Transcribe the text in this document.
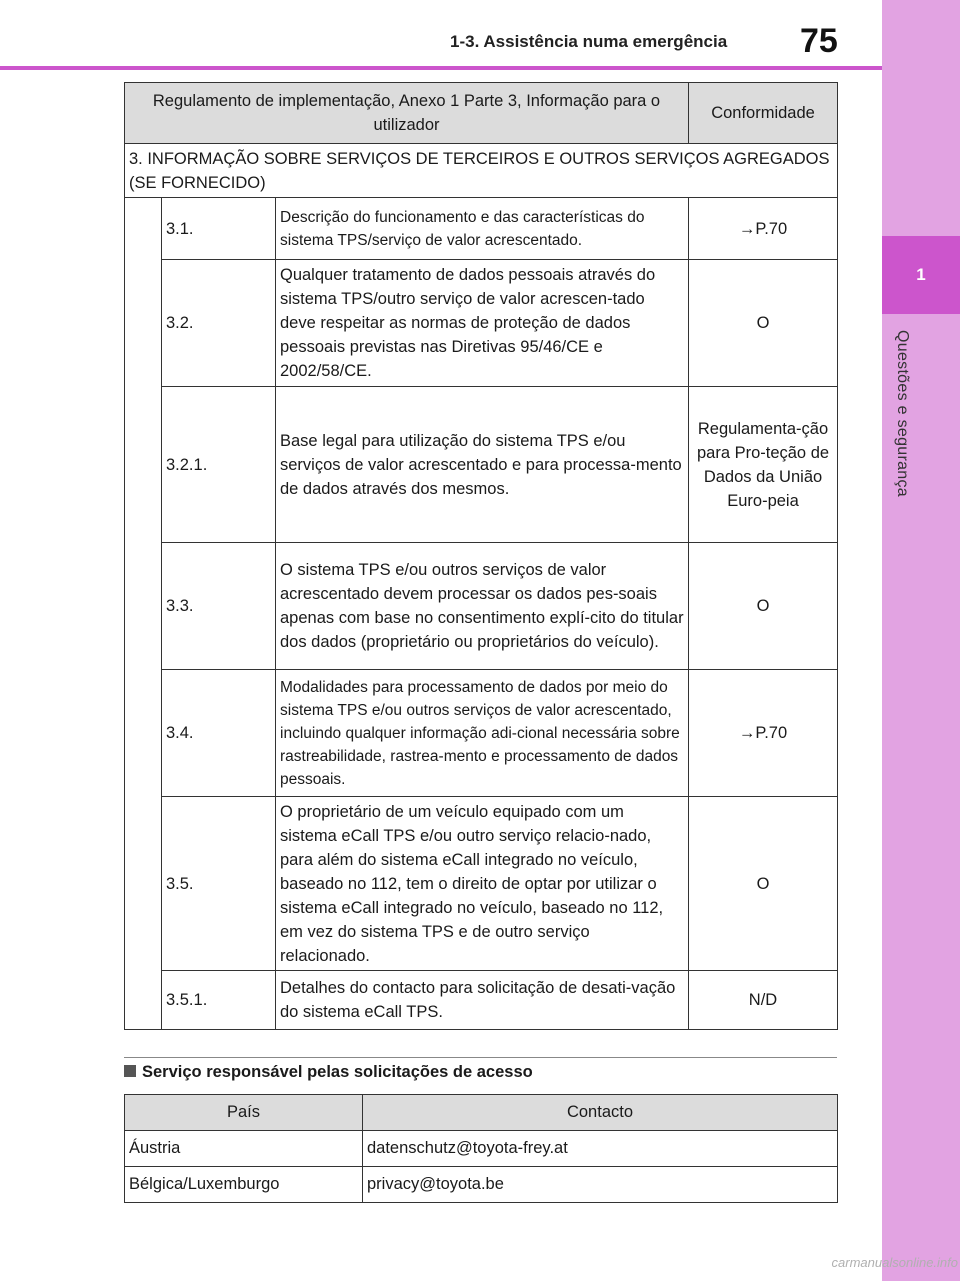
1-3. Assistência numa emergência	75
1
Questões e segurança
Regulamento de implementação, Anexo 1 Parte 3, Informação para o utilizador			Conformidade
3. INFORMAÇÃO SOBRE SERVIÇOS DE TERCEIROS E OUTROS SERVIÇOS AGREGADOS (SE FORNECIDO)			
	3.1.	Descrição do funcionamento e das características do sistema TPS/serviço de valor acrescentado.	→P.70
	3.2.	Qualquer tratamento de dados pessoais através do sistema TPS/outro serviço de valor acrescen-tado deve respeitar as normas de proteção de dados pessoais previstas nas Diretivas 95/46/CE e 2002/58/CE.	O
	3.2.1.	Base legal para utilização do sistema TPS e/ou serviços de valor acrescentado e para processa-mento de dados através dos mesmos.	Regulamenta-ção para Pro-teção de Dados da União Euro-peia
	3.3.	O sistema TPS e/ou outros serviços de valor acrescentado devem processar os dados pes-soais apenas com base no consentimento explí-cito do titular dos dados (proprietário ou proprietários do veículo).	O
	3.4.	Modalidades para processamento de dados por meio do sistema TPS e/ou outros serviços de valor acrescentado, incluindo qualquer informação adi-cional necessária sobre rastreabilidade, rastrea-mento e processamento de dados pessoais.	→P.70
	3.5.	O proprietário de um veículo equipado com um sistema eCall TPS e/ou outro serviço relacio-nado, para além do sistema eCall integrado no veículo, baseado no 112, tem o direito de optar por utilizar o sistema eCall integrado no veículo, baseado no 112, em vez do sistema TPS e de outro serviço relacionado.	O
	3.5.1.	Detalhes do contacto para solicitação de desati-vação do sistema eCall TPS.	N/D
Serviço responsável pelas solicitações de acesso
País	Contacto
Áustria	datenschutz@toyota-frey.at
Bélgica/Luxemburgo	privacy@toyota.be
carmanualsonline.info
